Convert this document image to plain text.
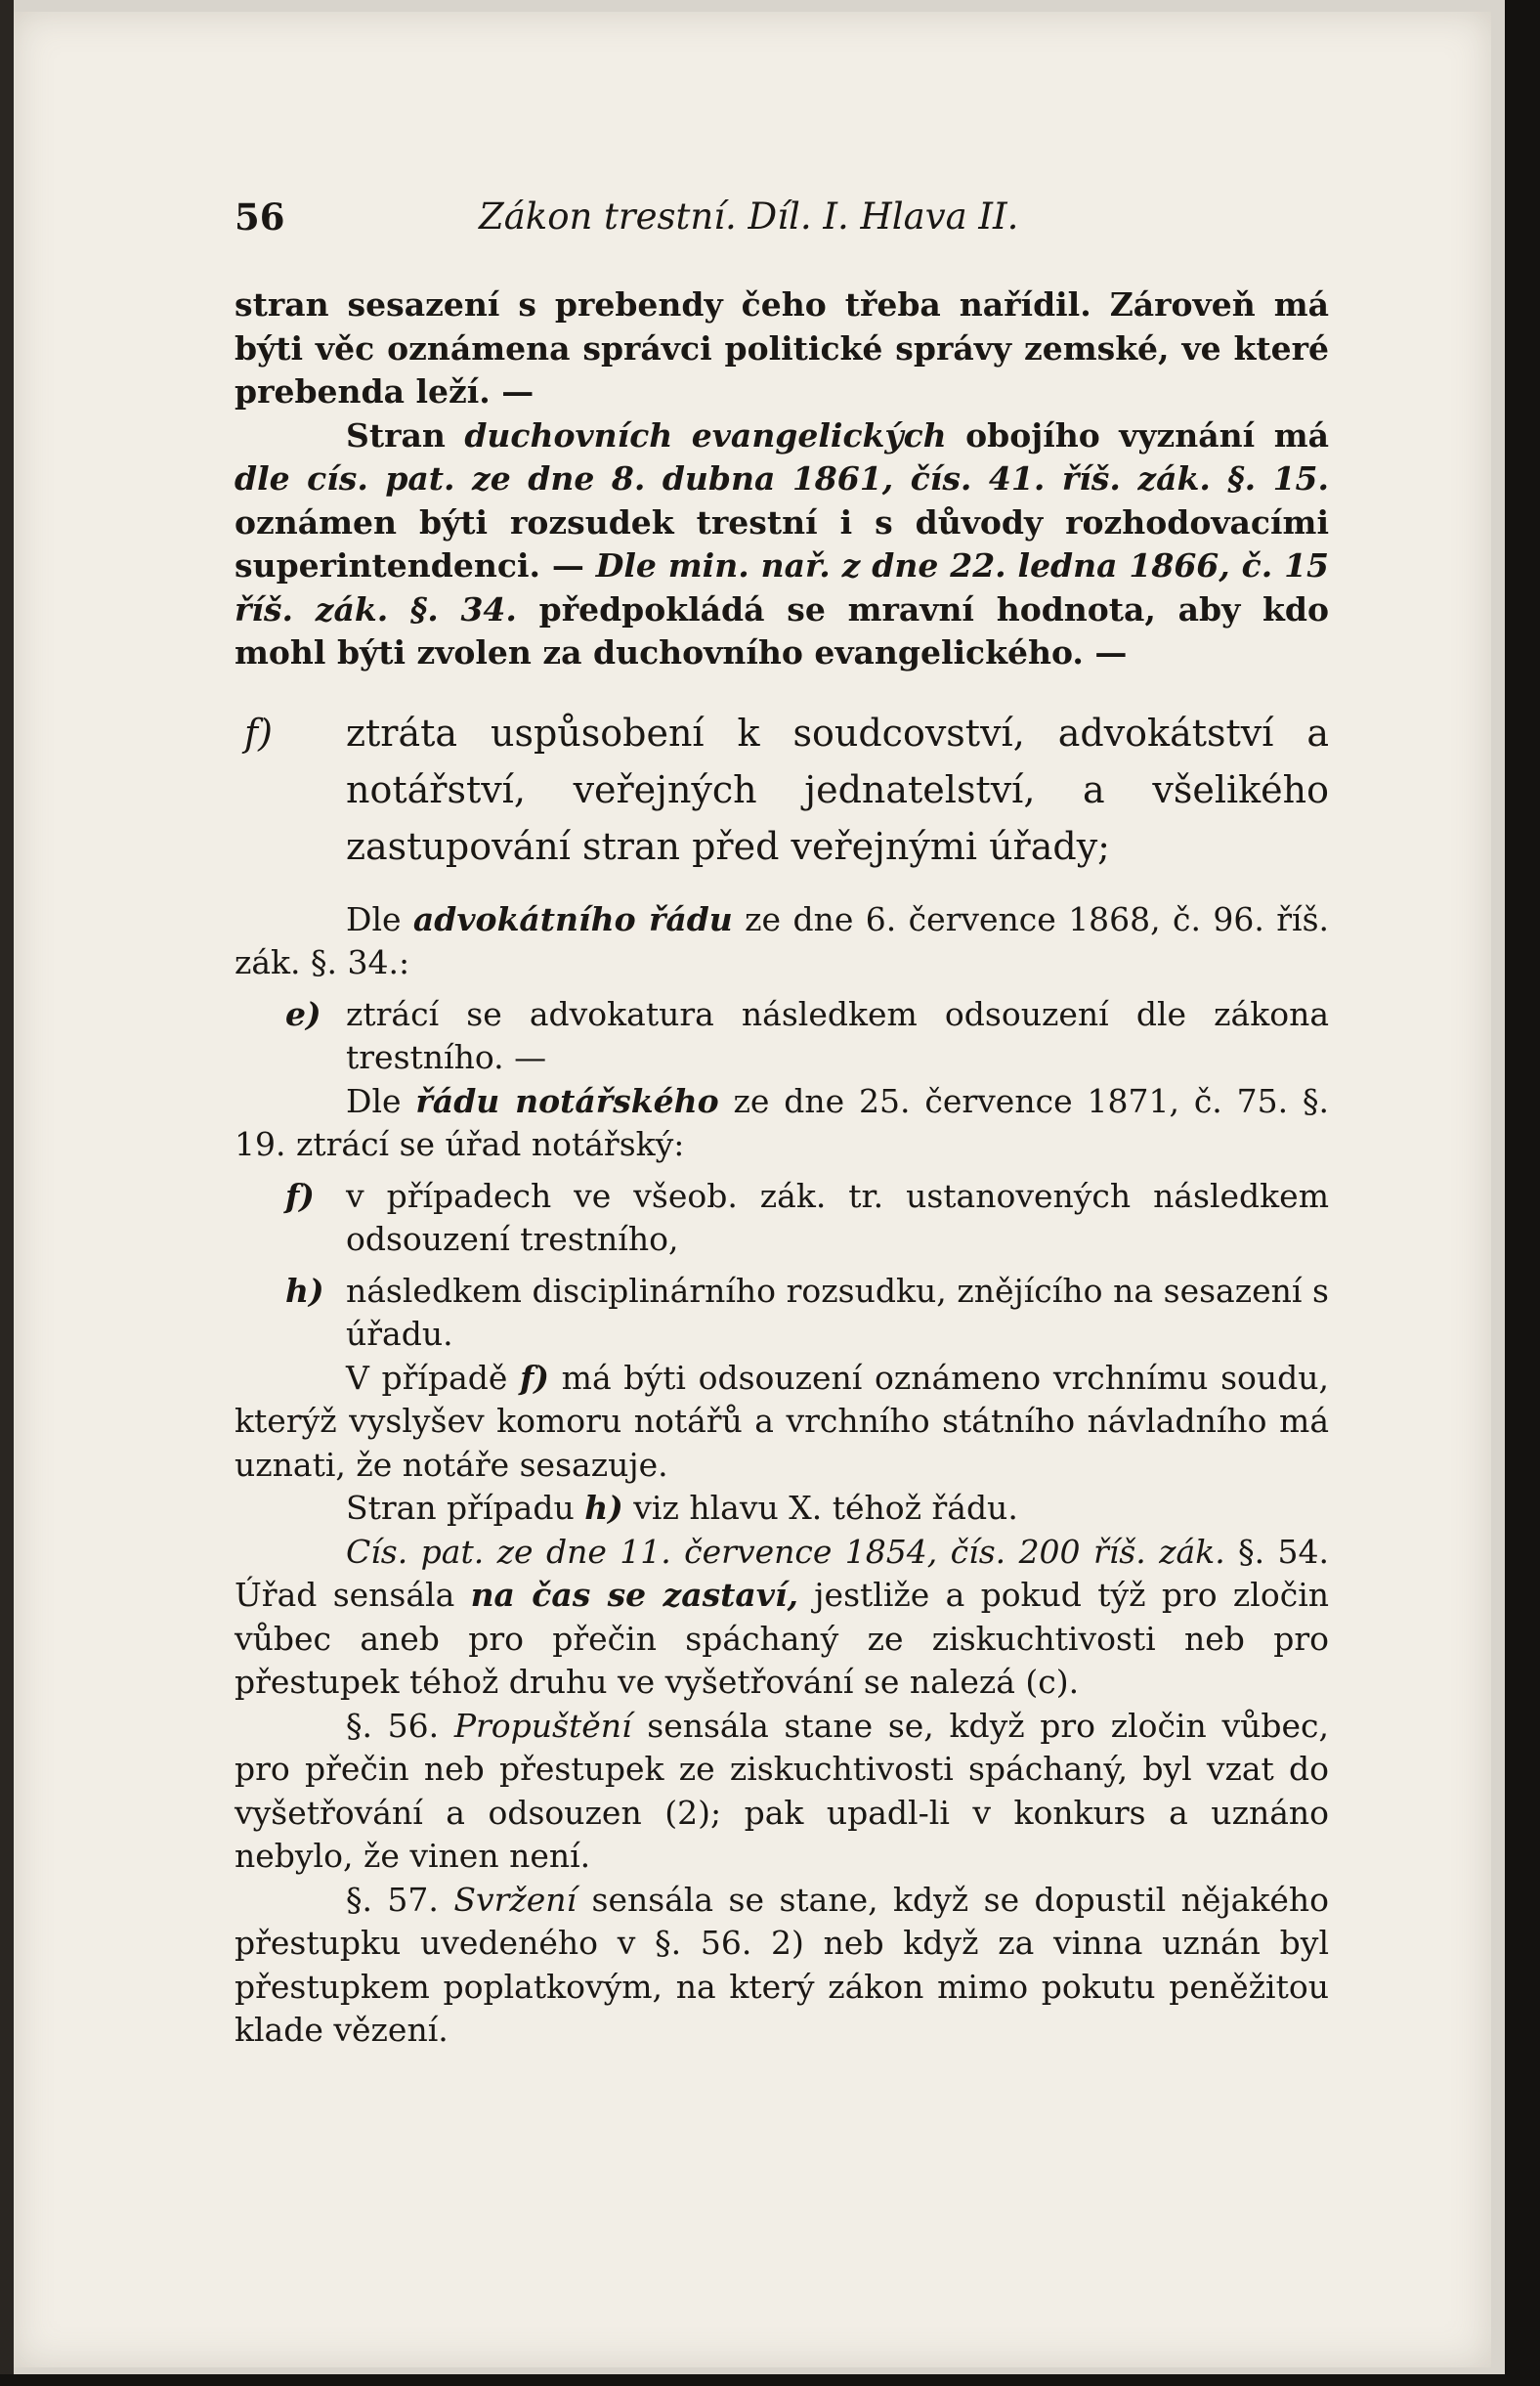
56	Zákon trestní. Díl. I. Hlava II.

stran sesazení s prebendy čeho třeba nařídil. Zároveň má býti věc oznámena správci politické správy zemské, ve které prebenda leží. —

Stran duchovních evangelických obojího vyznání má dle cís. pat. ze dne 8. dubna 1861, čís. 41. říš. zák. §. 15. oznámen býti rozsudek trestní i s důvody rozhodovacími superintendenci. — Dle min. nař. z dne 22. ledna 1866, č. 15 říš. zák. §. 34. předpokládá se mravní hodnota, aby kdo mohl býti zvolen za duchovního evangelického. —

f) ztráta uspůsobení k soudcovství, advokátství a notářství, veřejných jednatelství, a všelikého zastupování stran před veřejnými úřady;

Dle advokátního řádu ze dne 6. července 1868, č. 96. říš. zák. §. 34.:

e) ztrácí se advokatura následkem odsouzení dle zákona trestního. —

Dle řádu notářského ze dne 25. července 1871, č. 75. §. 19. ztrácí se úřad notářský:

f) v případech ve všeob. zák. tr. ustanovených následkem odsouzení trestního,
h) následkem disciplinárního rozsudku, znějícího na sesazení s úřadu.

V případě f) má býti odsouzení oznámeno vrchnímu soudu, kterýž vyslyšev komoru notářů a vrchního státního návladního má uznati, že notáře sesazuje.

Stran případu h) viz hlavu X. téhož řádu.

Cís. pat. ze dne 11. července 1854, čís. 200 říš. zák. §. 54. Úřad sensála na čas se zastaví, jestliže a pokud týž pro zločin vůbec aneb pro přečin spáchaný ze ziskuchtivosti neb pro přestupek téhož druhu ve vyšetřování se nalezá (c).

§. 56. Propuštění sensála stane se, když pro zločin vůbec, pro přečin neb přestupek ze ziskuchtivosti spáchaný, byl vzat do vyšetřování a odsouzen (2); pak upadl-li v konkurs a uznáno nebylo, že vinen není.

§. 57. Svržení sensála se stane, když se dopustil nějakého přestupku uvedeného v §. 56. 2) neb když za vinna uznán byl přestupkem poplatkovým, na který zákon mimo pokutu peněžitou klade vězení.
